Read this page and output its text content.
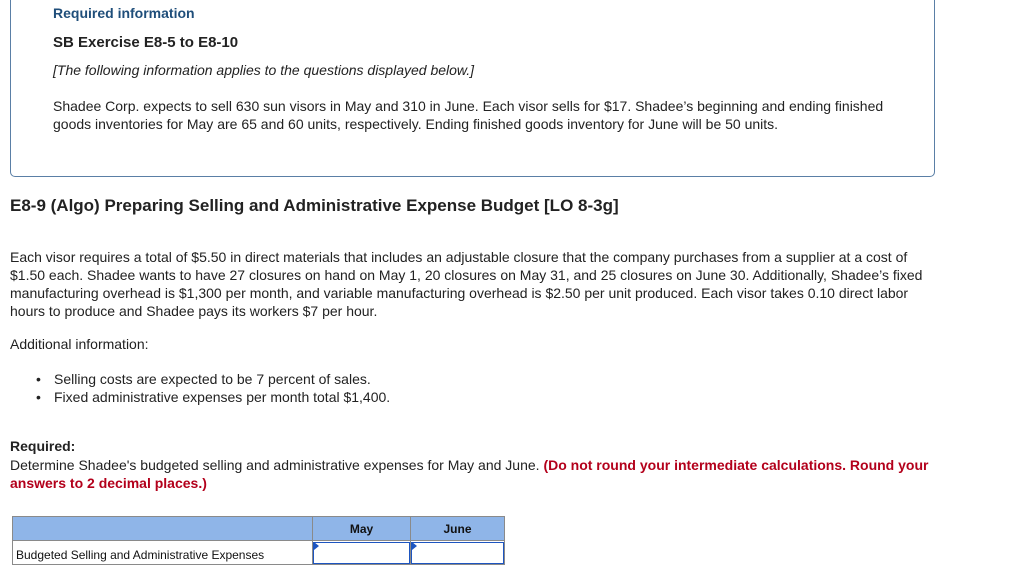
Required information
SB Exercise E8-5 to E8-10
[The following information applies to the questions displayed below.]
Shadee Corp. expects to sell 630 sun visors in May and 310 in June. Each visor sells for $17. Shadee’s beginning and ending finished goods inventories for May are 65 and 60 units, respectively. Ending finished goods inventory for June will be 50 units.
E8-9 (Algo) Preparing Selling and Administrative Expense Budget [LO 8-3g]
Each visor requires a total of $5.50 in direct materials that includes an adjustable closure that the company purchases from a supplier at a cost of $1.50 each. Shadee wants to have 27 closures on hand on May 1, 20 closures on May 31, and 25 closures on June 30. Additionally, Shadee’s fixed manufacturing overhead is $1,300 per month, and variable manufacturing overhead is $2.50 per unit produced. Each visor takes 0.10 direct labor hours to produce and Shadee pays its workers $7 per hour.
Additional information:
• Selling costs are expected to be 7 percent of sales.
• Fixed administrative expenses per month total $1,400.
Required:
Determine Shadee's budgeted selling and administrative expenses for May and June. (Do not round your intermediate calculations. Round your answers to 2 decimal places.)
	May	June
Budgeted Selling and Administrative Expenses	
